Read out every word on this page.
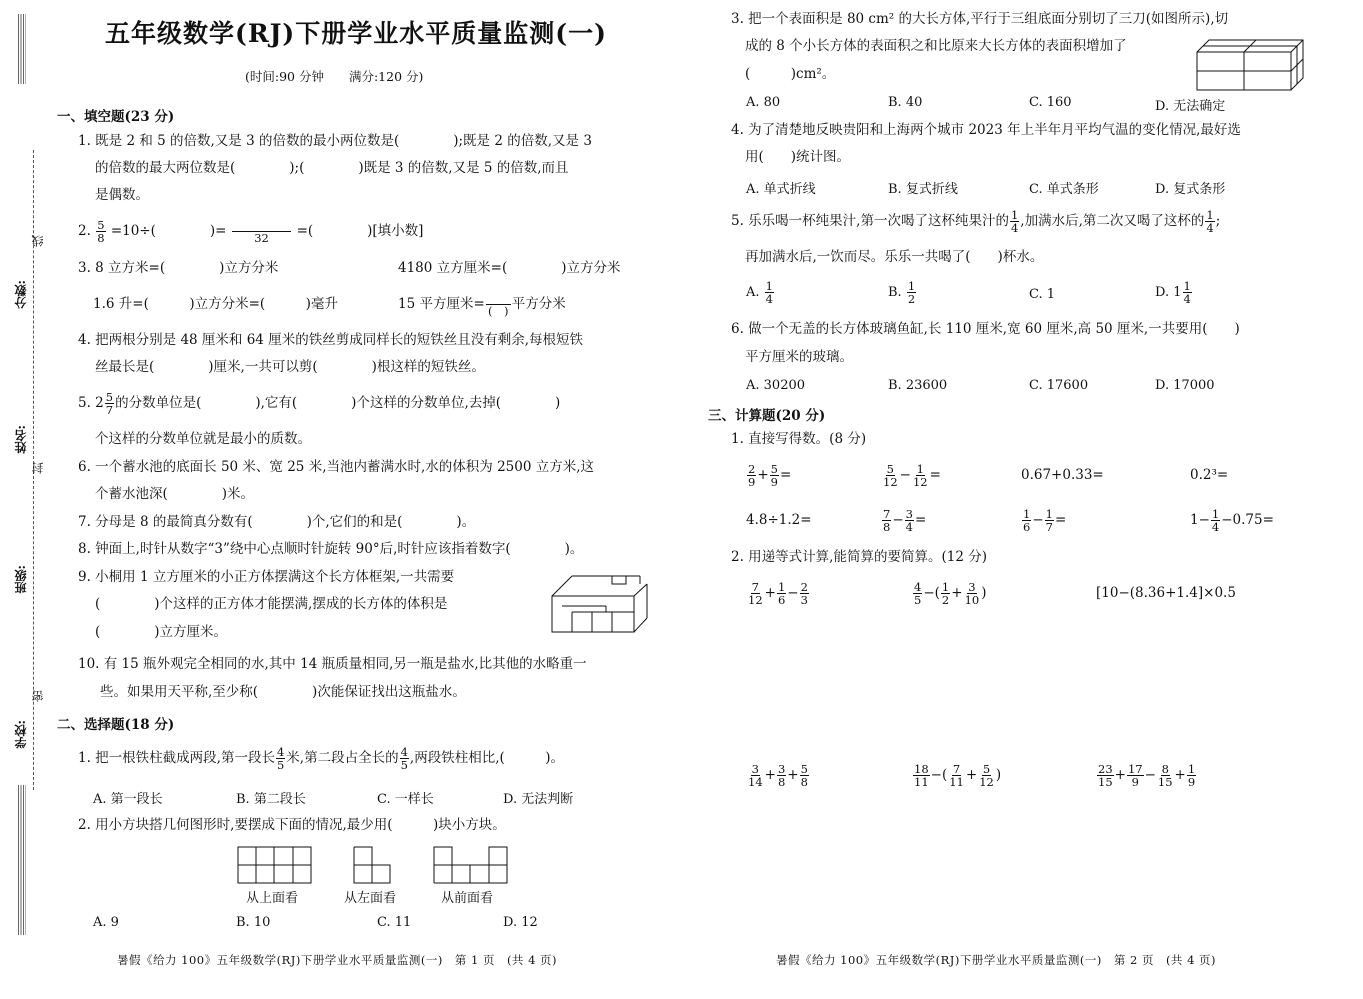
分数:
姓名:
班级:
学校:
线
封
密
五年级数学(RJ)下册学业水平质量监测(一)
(时间:90 分钟　　满分:120 分)
一、填空题(23 分)
1. 既是 2 和 5 的倍数,又是 3 的倍数的最小两位数是(　　　　);既是 2 的倍数,又是 3
的倍数的最大两位数是(　　　　);(　　　　)既是 3 的倍数,又是 5 的倍数,而且
是偶数。
2. $\frac{5}{8} =10\div$(　　　　)=
　　　　　 32 =(　　　　)[填小数]
3. 8 立方米=(　　　　)立方分米	4180 立方厘米=(　　　　)立方分米
1.6 升=(　　　)立方分米=(　　　)毫升	15 平方厘米=
　　 (　) 平方分米
4. 把两根分别是 48 厘米和 64 厘米的铁丝剪成同样长的短铁丝且没有剩余,每根短铁
丝最长是(　　　　)厘米,一共可以剪(　　　　)根这样的短铁丝。
5. $2 \frac{5}{7}$ 的分数单位是(　　　　),它有(　　　　)个这样的分数单位,去掉(　　　　)
个这样的分数单位就是最小的质数。
6. 一个蓄水池的底面长 50 米、宽 25 米,当池内蓄满水时,水的体积为 2500 立方米,这
个蓄水池深(　　　　)米。
7. 分母是 8 的最简真分数有(　　　　)个,它们的和是(　　　　)。
8. 钟面上,时针从数字“3”绕中心点顺时针旋转 90°后,时针应该指着数字(　　　　)。
9. 小桐用 1 立方厘米的小正方体摆满这个长方体框架,一共需要
(　　　　)个这样的正方体才能摆满,摆成的长方体的体积是
(　　　　)立方厘米。
10. 有 15 瓶外观完全相同的水,其中 14 瓶质量相同,另一瓶是盐水,比其他的水略重一
些。如果用天平称,至少称(　　　　)次能保证找出这瓶盐水。
二、选择题(18 分)
1. 把一根铁柱截成两段,第一段长 $\frac{4}{5}$ 米,第二段占全长的 $\frac{4}{5}$ ,两段铁柱相比,(　　　)。
A. 第一段长	B. 第二段长	C. 一样长	D. 无法判断
2. 用小方块搭几何图形时,要摆成下面的情况,最少用(　　　)块小方块。
从上面看	从左面看	从前面看
A. 9	B. 10	C. 11	D. 12
暑假《给力 100》五年级数学(RJ)下册学业水平质量监测(一)　第 1 页　(共 4 页)
3. 把一个表面积是 80 cm² 的大长方体,平行于三组底面分别切了三刀(如图所示),切
成的 8 个小长方体的表面积之和比原来大长方体的表面积增加了
(　　　)cm²。
A. 80	B. 40	C. 160	D. 无法确定
4. 为了清楚地反映贵阳和上海两个城市 2023 年上半年月平均气温的变化情况,最好选
用(　　)统计图。
A. 单式折线	B. 复式折线	C. 单式条形	D. 复式条形
5. 乐乐喝一杯纯果汁,第一次喝了这杯纯果汁的 $\frac{1}{4}$ ,加满水后,第二次又喝了这杯的 $\frac{1}{4}$ ;
再加满水后,一饮而尽。乐乐一共喝了(　　)杯水。
A. $\frac{1}{4}$	B. $\frac{1}{2}$	C. 1	D. $1 \frac{1}{4}$
6. 做一个无盖的长方体玻璃鱼缸,长 110 厘米,宽 60 厘米,高 50 厘米,一共要用(　　)
平方厘米的玻璃。
A. 30200	B. 23600	C. 17600	D. 17000
三、计算题(20 分)
1. 直接写得数。(8 分)
$\frac{2}{9} + \frac{5}{9}$ =	$\frac{5}{12} - \frac{1}{12}$ =	0.67+0.33=	0.2³=
4.8÷1.2=	$\frac{7}{8} - \frac{3}{4}$ =	$\frac{1}{6} - \frac{1}{7}$ =	$1- \frac{1}{4} -0.75=$
2. 用递等式计算,能简算的要简算。(12 分)
$\frac{7}{12} + \frac{1}{6} - \frac{2}{3}$	$\frac{4}{5}$ −( $\frac{1}{2} + \frac{3}{10}$ )	[10−(8.36+1.4]×0.5
$\frac{3}{14} + \frac{3}{8} + \frac{5}{8}$	$\frac{18}{11}$ −( $\frac{7}{11} + \frac{5}{12}$ )	$\frac{23}{15} + \frac{17}{9} - \frac{8}{15} + \frac{1}{9}$
暑假《给力 100》五年级数学(RJ)下册学业水平质量监测(一)　第 2 页　(共 4 页)
